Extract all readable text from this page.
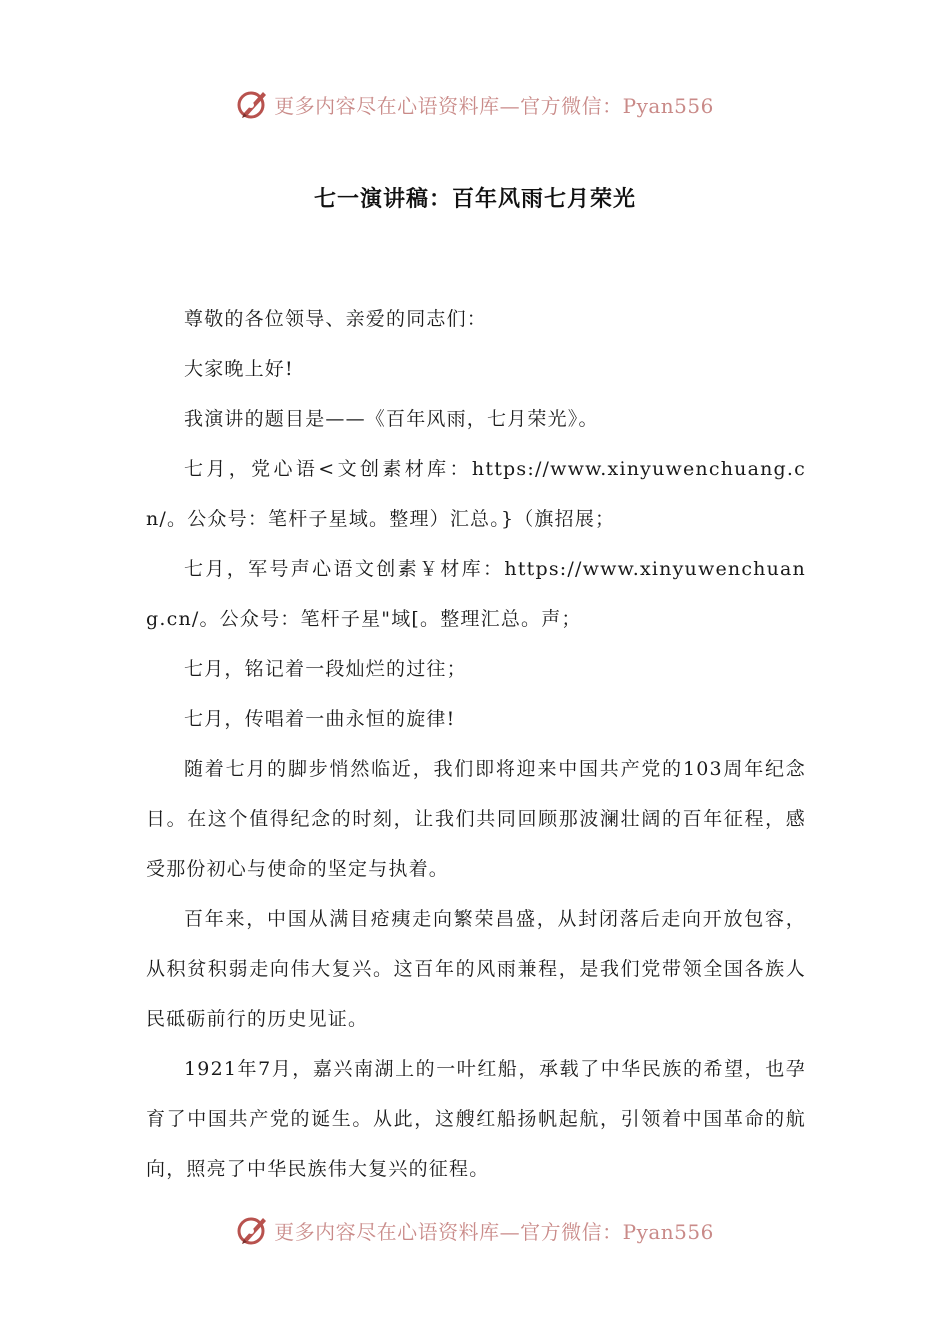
更多内容尽在心语资料库—官方微信：Pyan556
七一演讲稿：百年风雨七月荣光

尊敬的各位领导、亲爱的同志们：

大家晚上好!

我演讲的题目是——《百年风雨，七月荣光》。

七月，党心语<文创素材库：https://www.xinyuwenchuang.cn/。公众号：笔杆子星域。整理）汇总。}（旗招展；

七月，军号声心语文创素￥材库：https://www.xinyuwenchuang.cn/。公众号：笔杆子星"域[。整理汇总。声；

七月，铭记着一段灿烂的过往；

七月，传唱着一曲永恒的旋律!

随着七月的脚步悄然临近，我们即将迎来中国共产党的103周年纪念日。在这个值得纪念的时刻，让我们共同回顾那波澜壮阔的百年征程，感受那份初心与使命的坚定与执着。

百年来，中国从满目疮痍走向繁荣昌盛，从封闭落后走向开放包容，从积贫积弱走向伟大复兴。这百年的风雨兼程，是我们党带领全国各族人民砥砺前行的历史见证。

1921年7月，嘉兴南湖上的一叶红船，承载了中华民族的希望，也孕育了中国共产党的诞生。从此，这艘红船扬帆起航，引领着中国革命的航向，照亮了中华民族伟大复兴的征程。

更多内容尽在心语资料库—官方微信：Pyan556
